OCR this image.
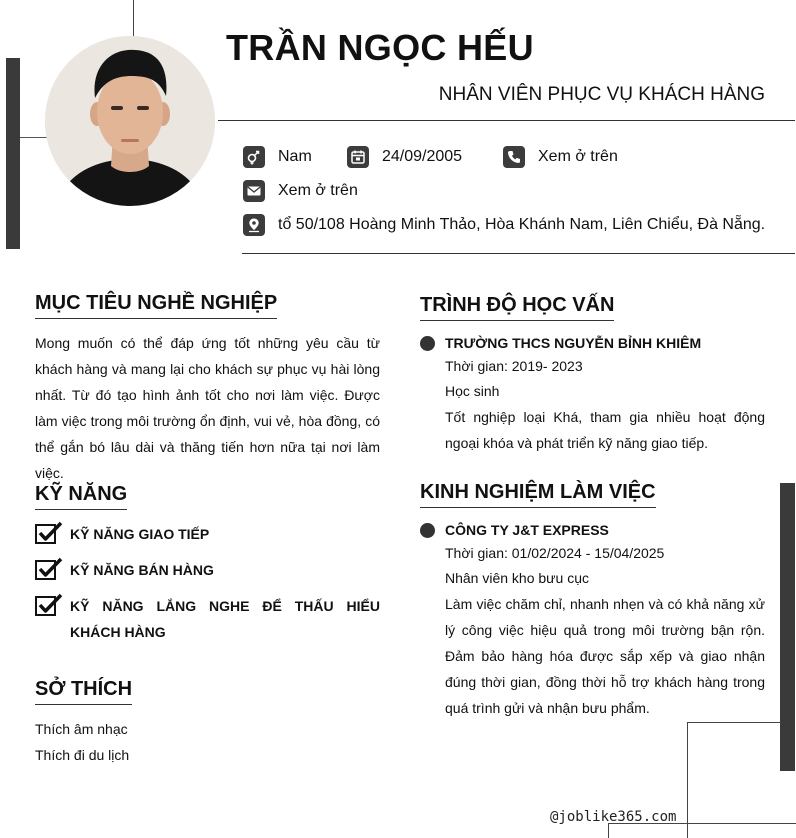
TRẦN NGỌC HẾU
NHÂN VIÊN PHỤC VỤ KHÁCH HÀNG
Nam	24/09/2005	Xem ở trên
Xem ở trên
tổ 50/108 Hoàng Minh Thảo, Hòa Khánh Nam, Liên Chiểu, Đà Nẵng.
MỤC TIÊU NGHỀ NGHIỆP
Mong muốn có thể đáp ứng tốt những yêu cầu từ khách hàng và mang lại cho khách sự phục vụ hài lòng nhất. Từ đó tạo hình ảnh tốt cho nơi làm việc. Được làm việc trong môi trường ổn định, vui vẻ, hòa đồng, có thể gắn bó lâu dài và thăng tiến hơn nữa tại nơi làm việc.
KỸ NĂNG
KỸ NĂNG GIAO TIẾP
KỸ NĂNG BÁN HÀNG
KỸ NĂNG LẮNG NGHE ĐỂ THẤU HIỂU KHÁCH HÀNG
SỞ THÍCH
Thích âm nhạc
Thích đi du lịch
TRÌNH ĐỘ HỌC VẤN
TRƯỜNG THCS NGUYỄN BỈNH KHIÊM
Thời gian: 2019- 2023
Học sinh
Tốt nghiệp loại Khá, tham gia nhiều hoạt động ngoại khóa và phát triển kỹ năng giao tiếp.
KINH NGHIỆM LÀM VIỆC
CÔNG TY J&T EXPRESS
Thời gian: 01/02/2024 - 15/04/2025
Nhân viên kho bưu cục
Làm việc chăm chỉ, nhanh nhẹn và có khả năng xử lý công việc hiệu quả trong môi trường bận rộn. Đảm bảo hàng hóa được sắp xếp và giao nhận đúng thời gian, đồng thời hỗ trợ khách hàng trong quá trình gửi và nhận bưu phẩm.
@joblike365.com
